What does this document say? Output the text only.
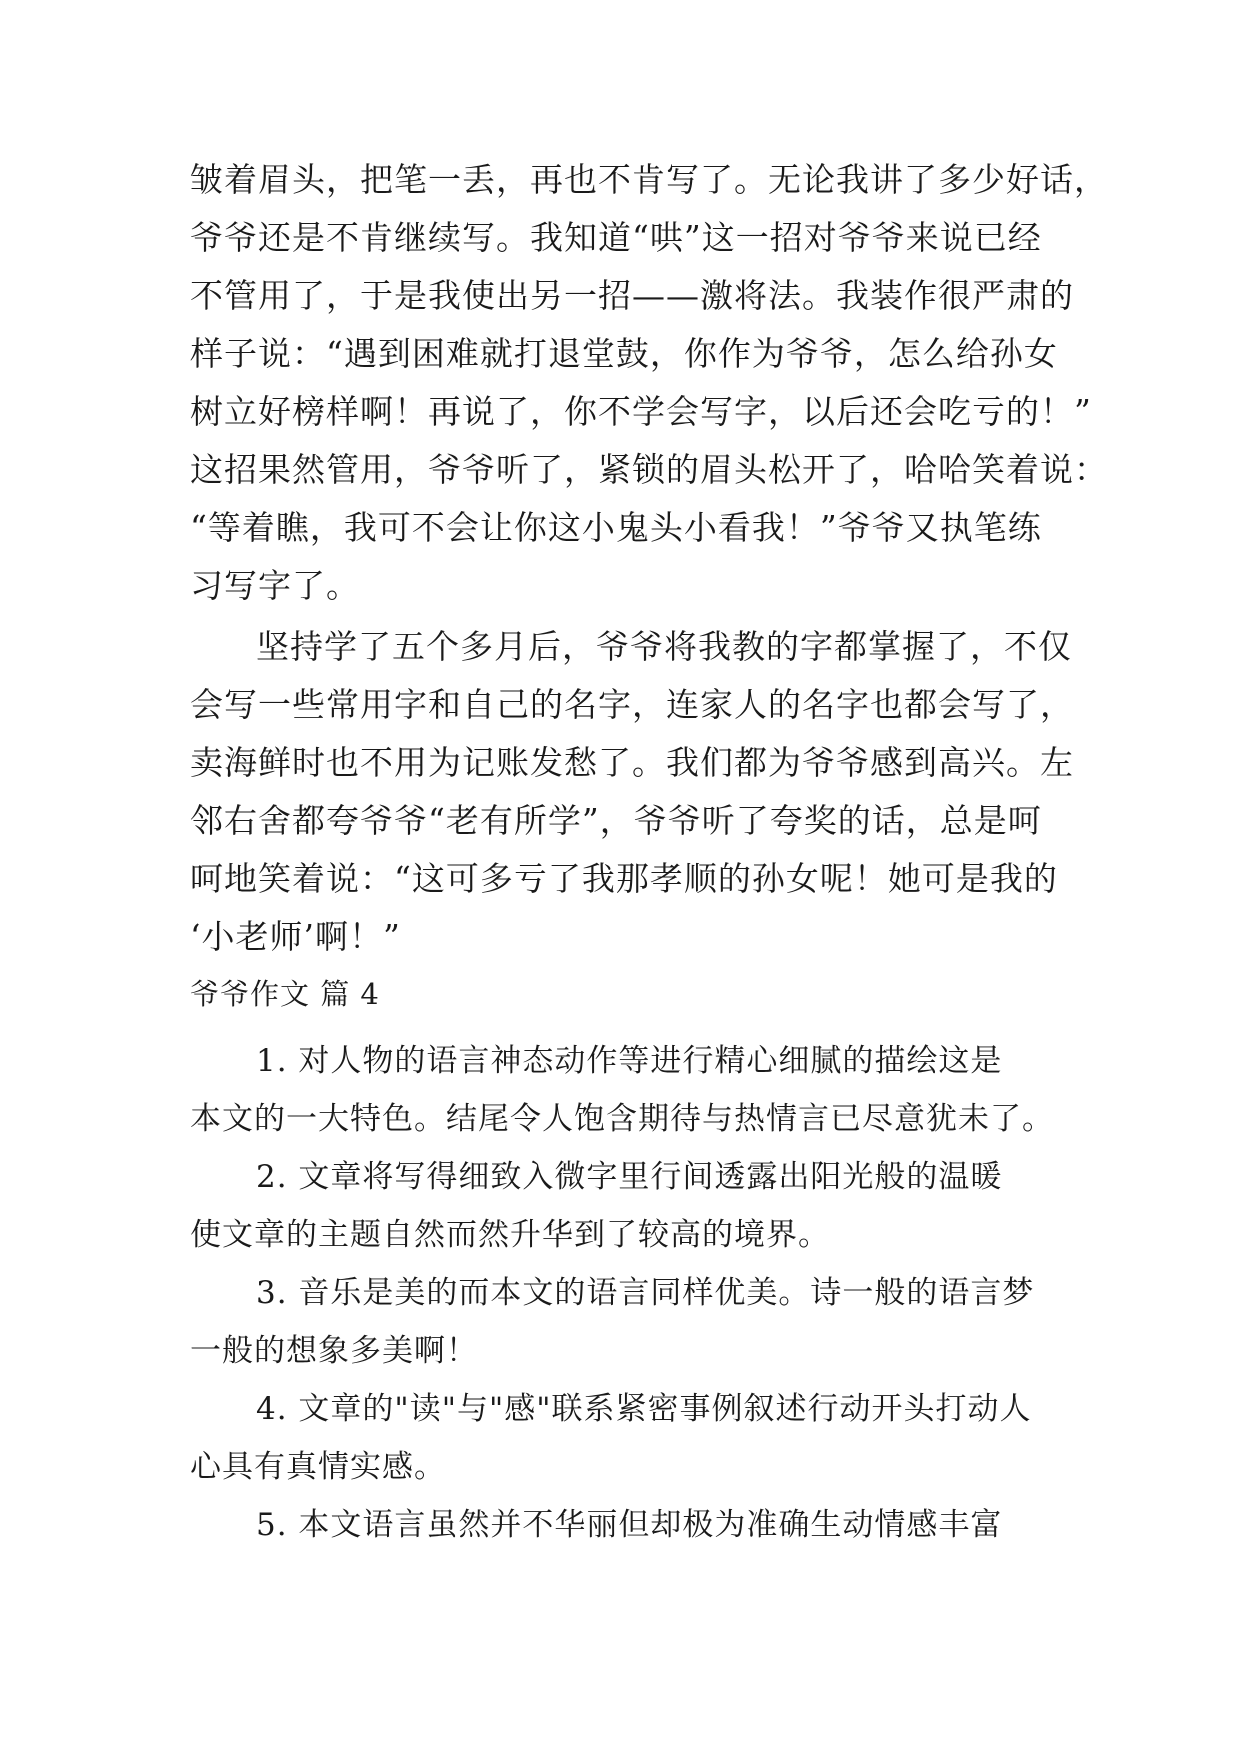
皱着眉头，把笔一丢，再也不肯写了。无论我讲了多少好话，
爷爷还是不肯继续写。我知道“哄”这一招对爷爷来说已经
不管用了，于是我使出另一招——激将法。我装作很严肃的
样子说：“遇到困难就打退堂鼓，你作为爷爷，怎么给孙女
树立好榜样啊！再说了，你不学会写字，以后还会吃亏的！”
这招果然管用，爷爷听了，紧锁的眉头松开了，哈哈笑着说：
“等着瞧，我可不会让你这小鬼头小看我！”爷爷又执笔练
习写字了。
坚持学了五个多月后，爷爷将我教的字都掌握了，不仅
会写一些常用字和自己的名字，连家人的名字也都会写了，
卖海鲜时也不用为记账发愁了。我们都为爷爷感到高兴。左
邻右舍都夸爷爷“老有所学”，爷爷听了夸奖的话，总是呵
呵地笑着说：“这可多亏了我那孝顺的孙女呢！她可是我的
‘小老师’啊！”
爷爷作文 篇 4
1. 对人物的语言神态动作等进行精心细腻的描绘这是
本文的一大特色。结尾令人饱含期待与热情言已尽意犹未了。
2. 文章将写得细致入微字里行间透露出阳光般的温暖
使文章的主题自然而然升华到了较高的境界。
3. 音乐是美的而本文的语言同样优美。诗一般的语言梦
一般的想象多美啊！
4. 文章的"读"与"感"联系紧密事例叙述行动开头打动人
心具有真情实感。
5. 本文语言虽然并不华丽但却极为准确生动情感丰富
